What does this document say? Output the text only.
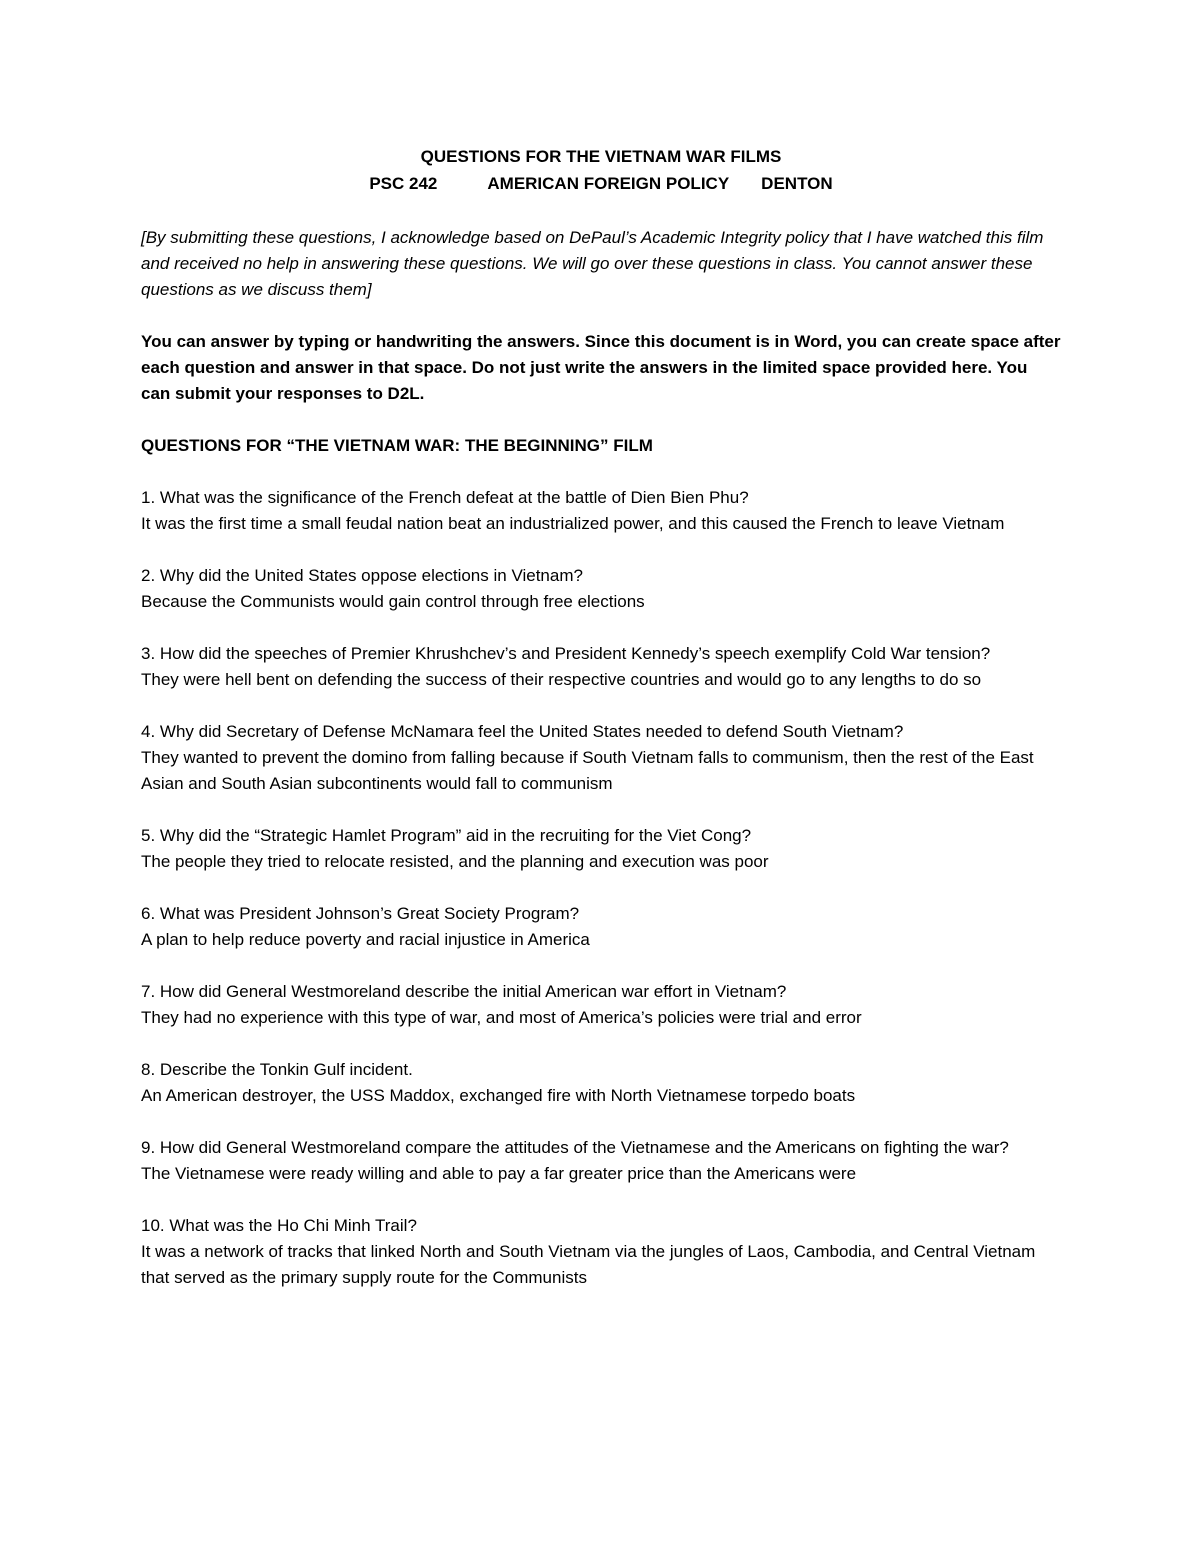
QUESTIONS FOR THE VIETNAM WAR FILMS
PSC 242	AMERICAN FOREIGN POLICY DENTON
[By submitting these questions, I acknowledge based on DePaul’s Academic Integrity policy that I have watched this film and received no help in answering these questions. We will go over these questions in class. You cannot answer these questions as we discuss them]
You can answer by typing or handwriting the answers. Since this document is in Word, you can create space after each question and answer in that space. Do not just write the answers in the limited space provided here. You can submit your responses to D2L.
QUESTIONS FOR “THE VIETNAM WAR: THE BEGINNING” FILM
1. What was the significance of the French defeat at the battle of Dien Bien Phu?
It was the first time a small feudal nation beat an industrialized power, and this caused the French to leave Vietnam
2. Why did the United States oppose elections in Vietnam?
Because the Communists would gain control through free elections
3. How did the speeches of Premier Khrushchev’s and President Kennedy’s speech exemplify Cold War tension?
They were hell bent on defending the success of their respective countries and would go to any lengths to do so
4. Why did Secretary of Defense McNamara feel the United States needed to defend South Vietnam?
They wanted to prevent the domino from falling because if South Vietnam falls to communism, then the rest of the East Asian and South Asian subcontinents would fall to communism
5. Why did the “Strategic Hamlet Program” aid in the recruiting for the Viet Cong?
The people they tried to relocate resisted, and the planning and execution was poor
6. What was President Johnson’s Great Society Program?
A plan to help reduce poverty and racial injustice in America
7. How did General Westmoreland describe the initial American war effort in Vietnam?
They had no experience with this type of war, and most of America’s policies were trial and error
8. Describe the Tonkin Gulf incident.
An American destroyer, the USS Maddox, exchanged fire with North Vietnamese torpedo boats
9. How did General Westmoreland compare the attitudes of the Vietnamese and the Americans on fighting the war?
The Vietnamese were ready willing and able to pay a far greater price than the Americans were
10. What was the Ho Chi Minh Trail?
It was a network of tracks that linked North and South Vietnam via the jungles of Laos, Cambodia, and Central Vietnam that served as the primary supply route for the Communists
